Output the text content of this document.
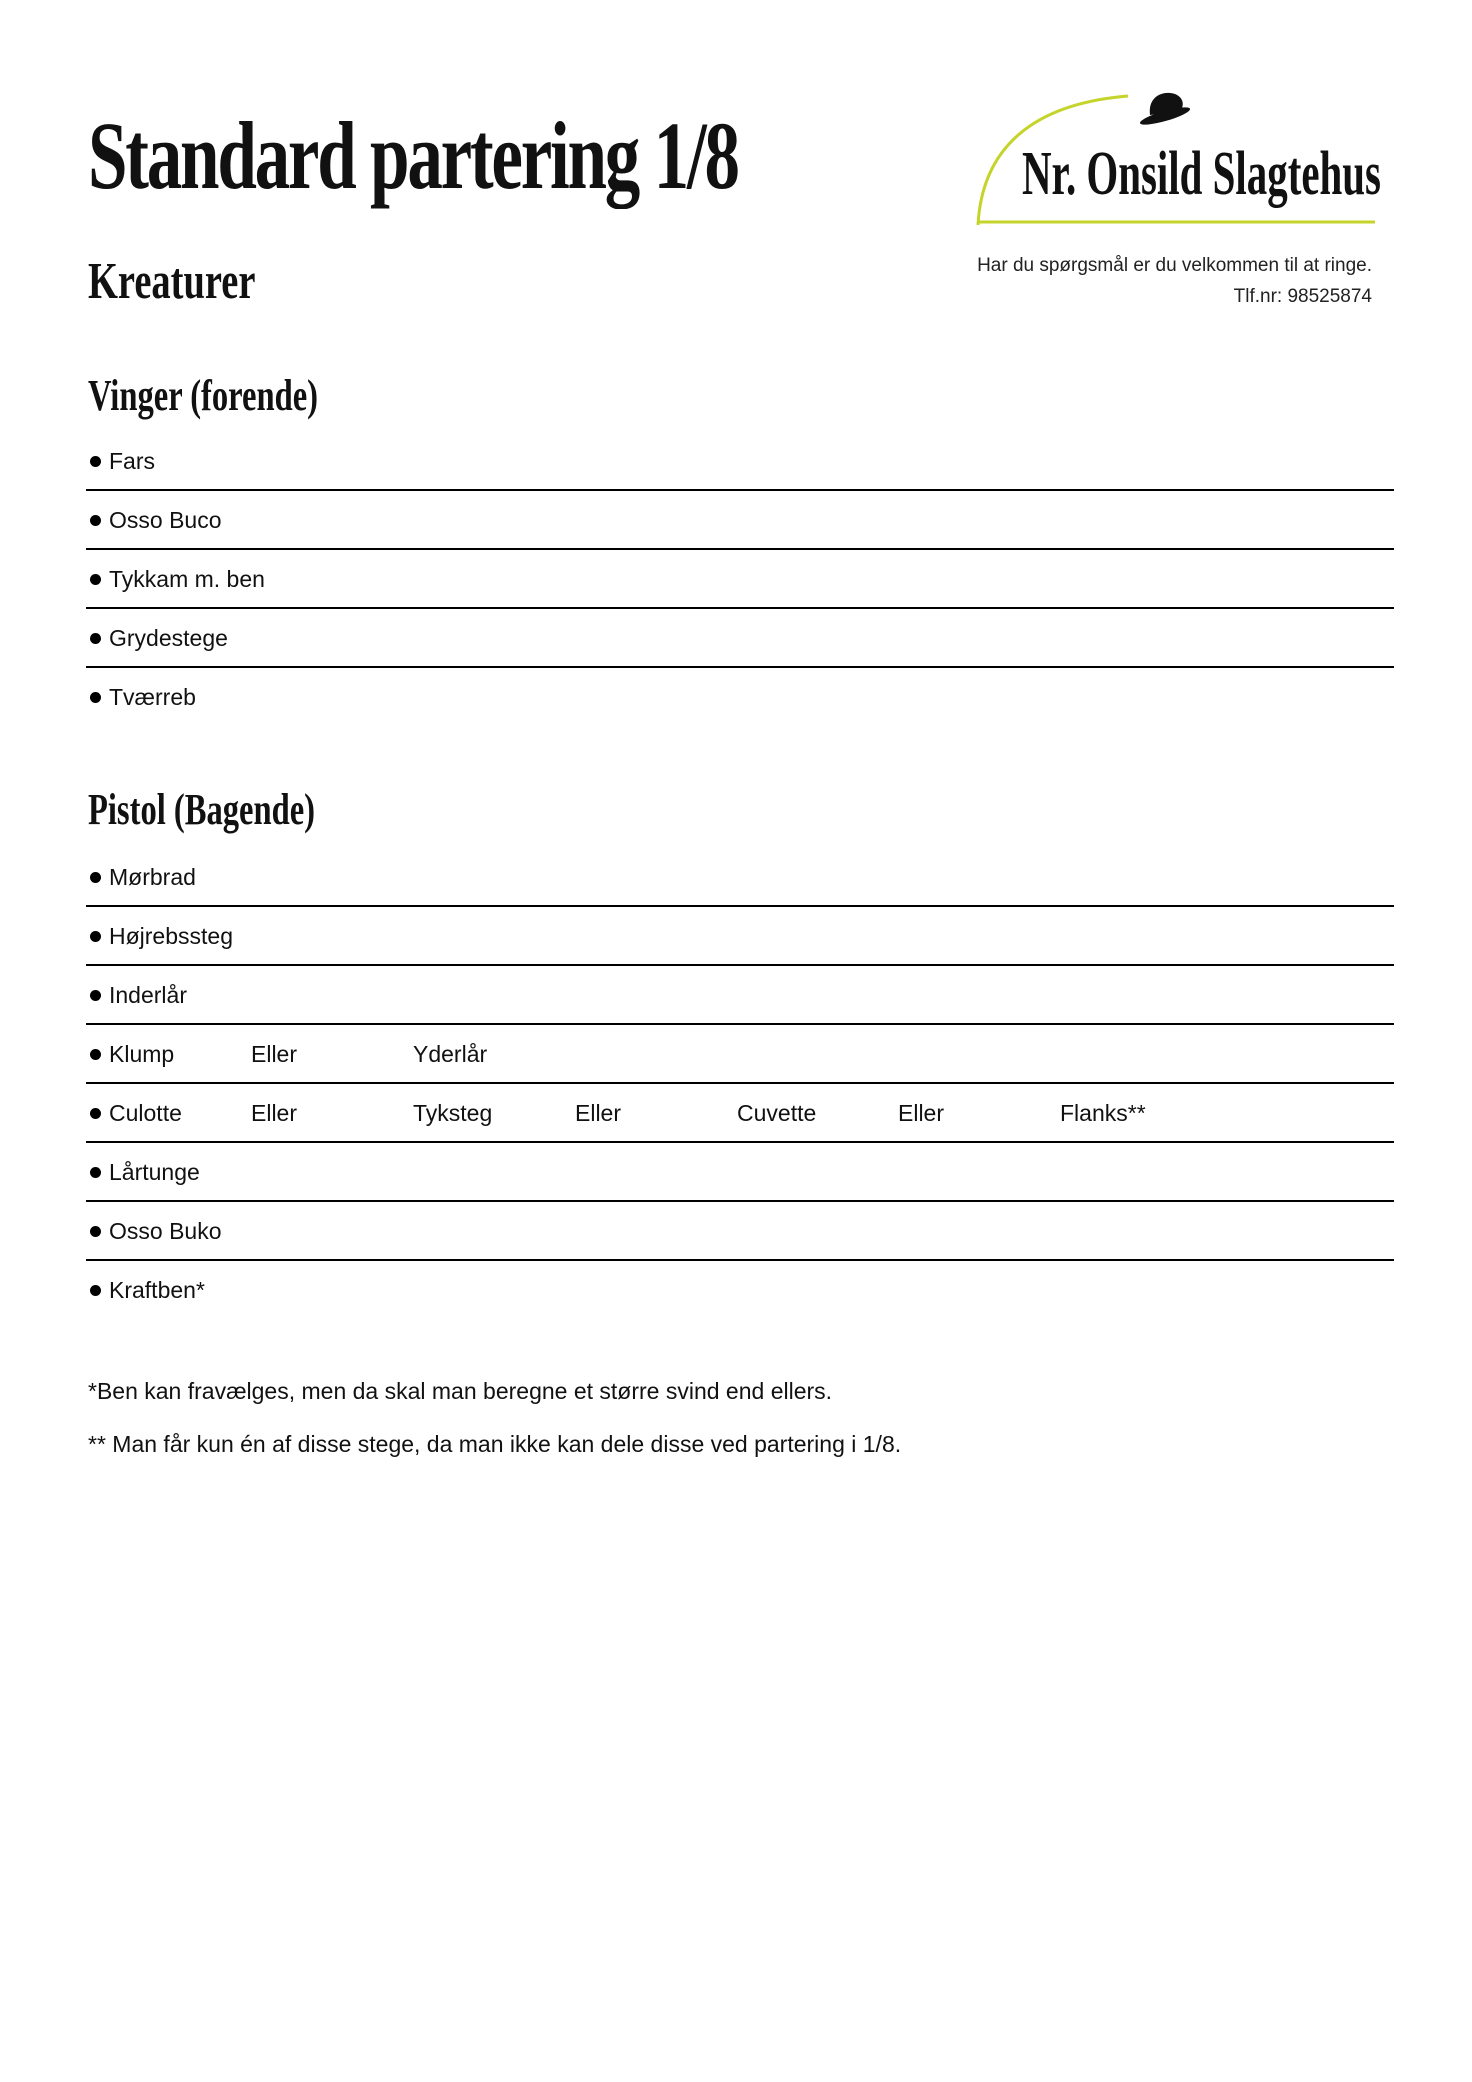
Standard partering 1/8
Kreaturer
Nr. Onsild Slagtehus
Har du spørgsmål er du velkommen til at ringe.
Tlf.nr: 98525874
Vinger (forende)
Fars
Osso Buco
Tykkam m. ben
Grydestege
Tværreb
Pistol (Bagende)
Mørbrad
Højrebssteg
Inderlår
Klump	Eller	Yderlår
Culotte	Eller	Tyksteg	Eller	Cuvette	Eller	Flanks**
Lårtunge
Osso Buko
Kraftben*

*Ben kan fravælges, men da skal man beregne et større svind end ellers.

** Man får kun én af disse stege, da man ikke kan dele disse ved partering i 1/8.
